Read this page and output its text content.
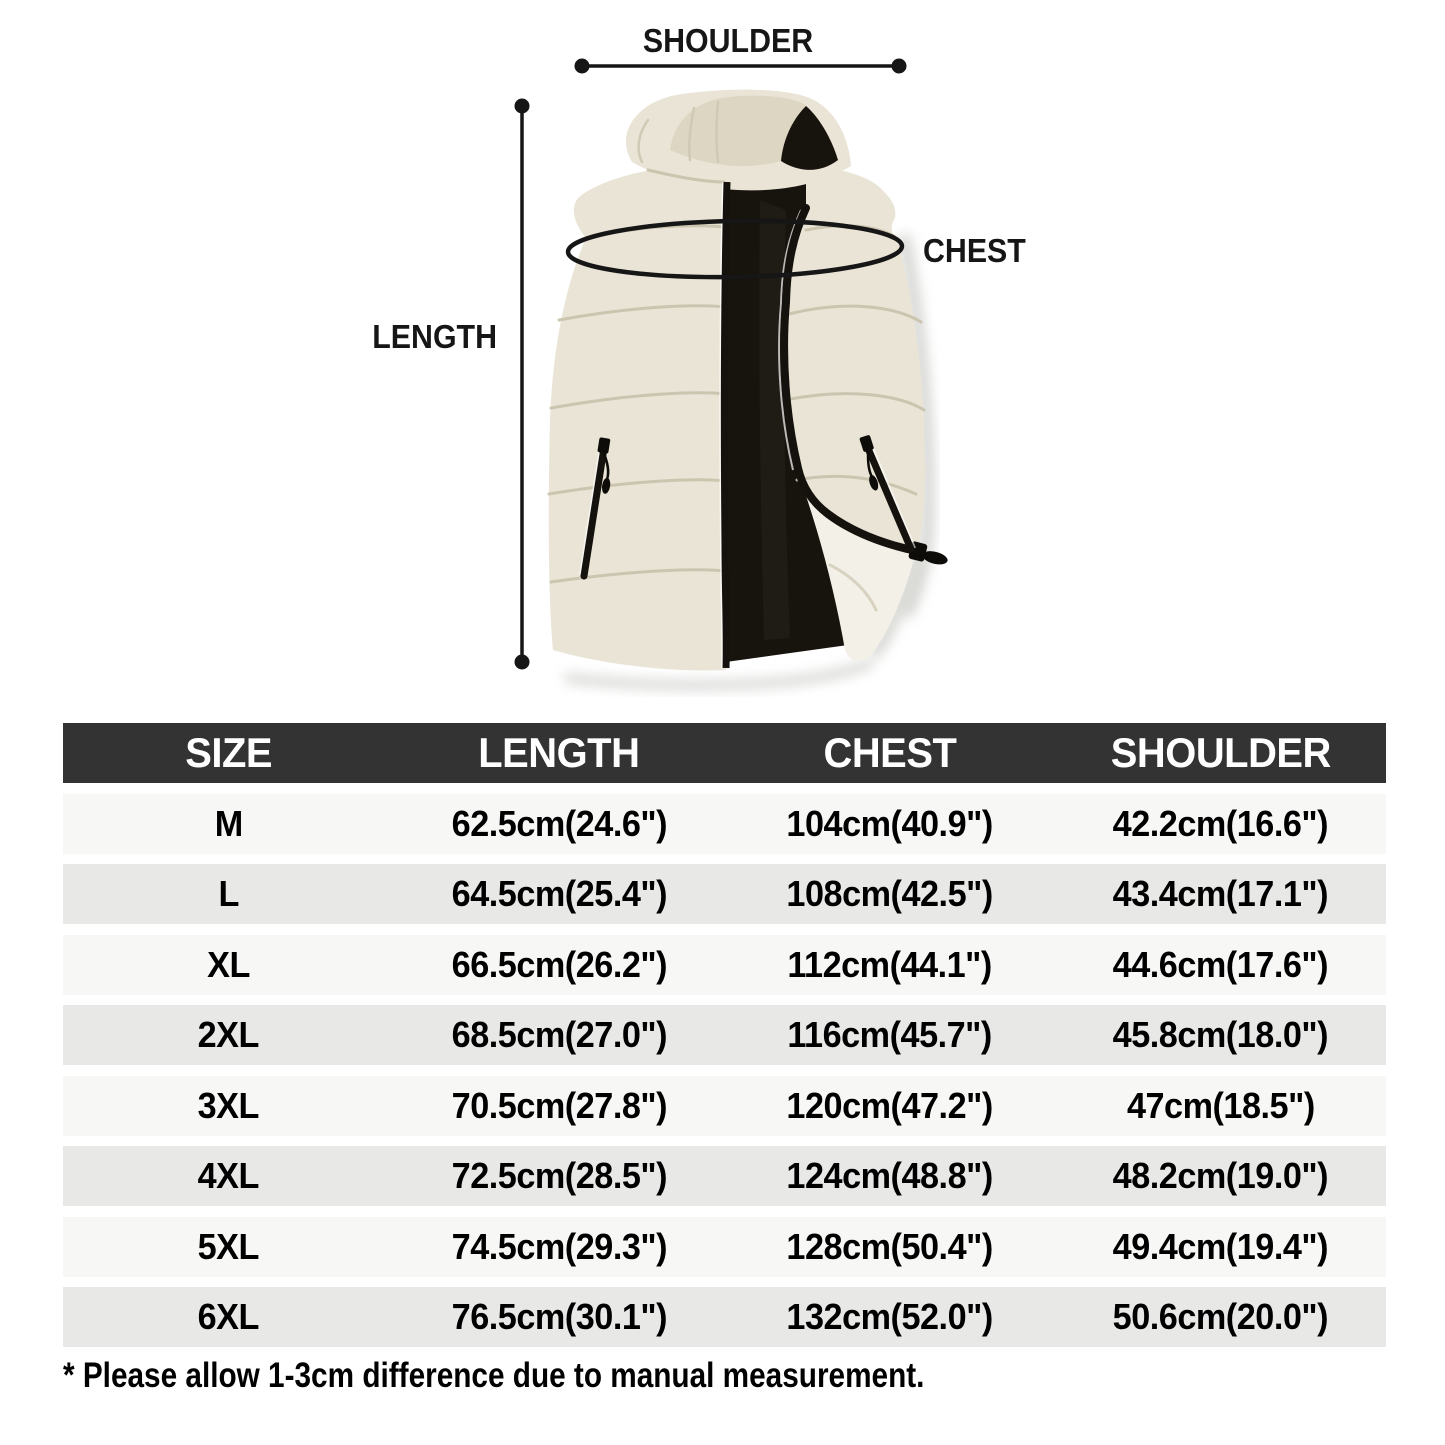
SHOULDER
LENGTH
CHEST
SIZE	LENGTH	CHEST	SHOULDER
M	62.5cm(24.6")	104cm(40.9")	42.2cm(16.6")
L	64.5cm(25.4")	108cm(42.5")	43.4cm(17.1")
XL	66.5cm(26.2")	112cm(44.1")	44.6cm(17.6")
2XL	68.5cm(27.0")	116cm(45.7")	45.8cm(18.0")
3XL	70.5cm(27.8")	120cm(47.2")	47cm(18.5")
4XL	72.5cm(28.5")	124cm(48.8")	48.2cm(19.0")
5XL	74.5cm(29.3")	128cm(50.4")	49.4cm(19.4")
6XL	76.5cm(30.1")	132cm(52.0")	50.6cm(20.0")
* Please allow 1-3cm difference due to manual measurement.
